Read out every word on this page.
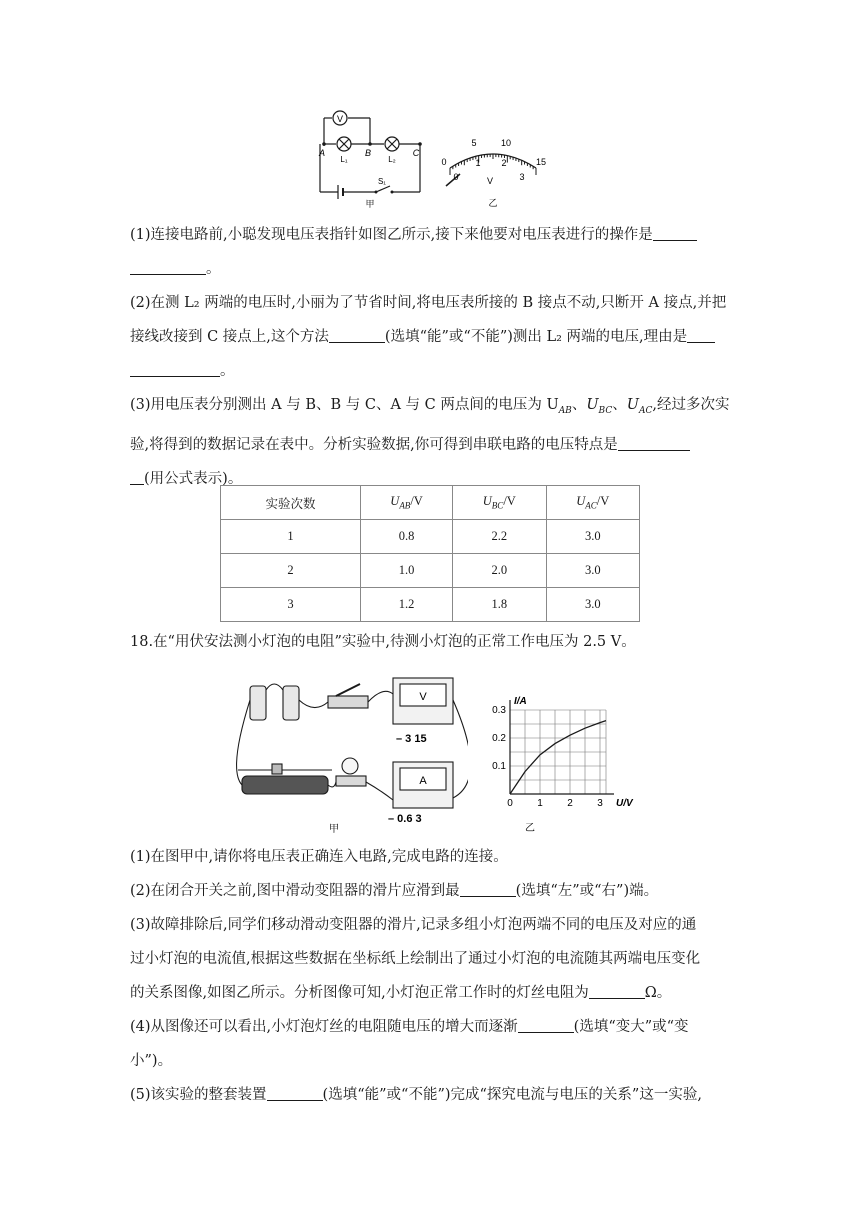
V
A	B	C
L₁	L₂
S₁
甲
0
5	10
15
0
1 2
3
V
乙
(1)连接电路前,小聪发现电压表指针如图乙所示,接下来他要对电压表进行的操作是
。
(2)在测 L₂ 两端的电压时,小丽为了节省时间,将电压表所接的 B 接点不动,只断开 A 接点,并把
接线改接到 C 接点上,这个方法	(选填“能”或“不能”)测出 L₂ 两端的电压,理由是
。
(3)用电压表分别测出 A 与 B、B 与 C、A 与 C 两点间的电压为 $U_{AB}$、$U_{BC}$、$U_{AC}$,经过多次实
验,将得到的数据记录在表中。分析实验数据,你可得到串联电路的电压特点是
(用公式表示)。
实验次数	$U_{AB}/V$	$U_{BC}/V$	$U_{AC}/V$
1	0.8	2.2	3.0
2	1.0	2.0	3.0
3	1.2	1.8	3.0
18.在“用伏安法测小灯泡的电阻”实验中,待测小灯泡的正常工作电压为 2.5 V。
V
A
– 3 15
– 0.6 3
甲
0 1 2 3
0.1
0.2
0.3
I/A
U/V
乙
(1)在图甲中,请你将电压表正确连入电路,完成电路的连接。
(2)在闭合开关之前,图中滑动变阻器的滑片应滑到最	(选填“左”或“右”)端。
(3)故障排除后,同学们移动滑动变阻器的滑片,记录多组小灯泡两端不同的电压及对应的通
过小灯泡的电流值,根据这些数据在坐标纸上绘制出了通过小灯泡的电流随其两端电压变化
的关系图像,如图乙所示。分析图像可知,小灯泡正常工作时的灯丝电阻为	Ω。
(4)从图像还可以看出,小灯泡灯丝的电阻随电压的增大而逐渐	(选填“变大”或“变
小”)。
(5)该实验的整套装置	(选填“能”或“不能”)完成“探究电流与电压的关系”这一实验,
